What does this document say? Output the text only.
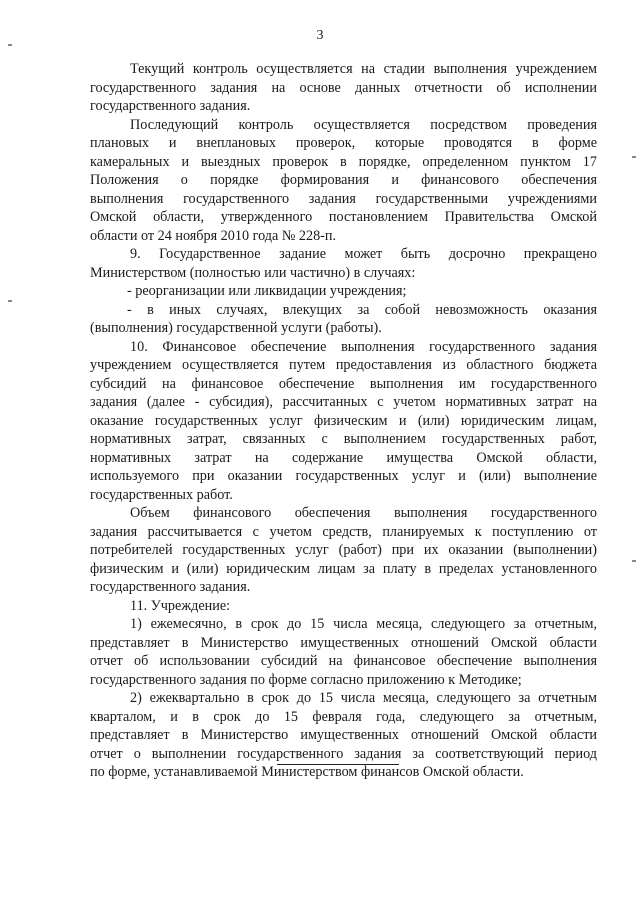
3

Текущий контроль осуществляется на стадии выполнения учреждением
государственного задания на основе данных отчетности об исполнении
государственного задания.

Последующий контроль осуществляется посредством проведения
плановых и внеплановых проверок, которые проводятся в форме
камеральных и выездных проверок в порядке, определенном пунктом 17
Положения о порядке формирования и финансового обеспечения
выполнения государственного задания государственными учреждениями
Омской области, утвержденного постановлением Правительства Омской
области от 24 ноября 2010 года № 228-п.

9. Государственное задание может быть досрочно прекращено
Министерством (полностью или частично) в случаях:

- реорганизации или ликвидации учреждения;

- в иных случаях, влекущих за собой невозможность оказания
(выполнения) государственной услуги (работы).

10. Финансовое обеспечение выполнения государственного задания
учреждением осуществляется путем предоставления из областного бюджета
субсидий на финансовое обеспечение выполнения им государственного
задания (далее - субсидия), рассчитанных с учетом нормативных затрат на
оказание государственных услуг физическим и (или) юридическим лицам,
нормативных затрат, связанных с выполнением государственных работ,
нормативных затрат на содержание имущества Омской области,
используемого при оказании государственных услуг и (или) выполнение
государственных работ.

Объем финансового обеспечения выполнения государственного
задания рассчитывается с учетом средств, планируемых к поступлению от
потребителей государственных услуг (работ) при их оказании (выполнении)
физическим и (или) юридическим лицам за плату в пределах установленного
государственного задания.

11. Учреждение:

1) ежемесячно, в срок до 15 числа месяца, следующего за отчетным,
представляет в Министерство имущественных отношений Омской области
отчет об использовании субсидий на финансовое обеспечение выполнения
государственного задания по форме согласно приложению к Методике;

2) ежеквартально в срок до 15 числа месяца, следующего за отчетным
кварталом, и в срок до 15 февраля года, следующего за отчетным,
представляет в Министерство имущественных отношений Омской области
отчет о выполнении государственного задания за соответствующий период
по форме, устанавливаемой Министерством финансов Омской области.
